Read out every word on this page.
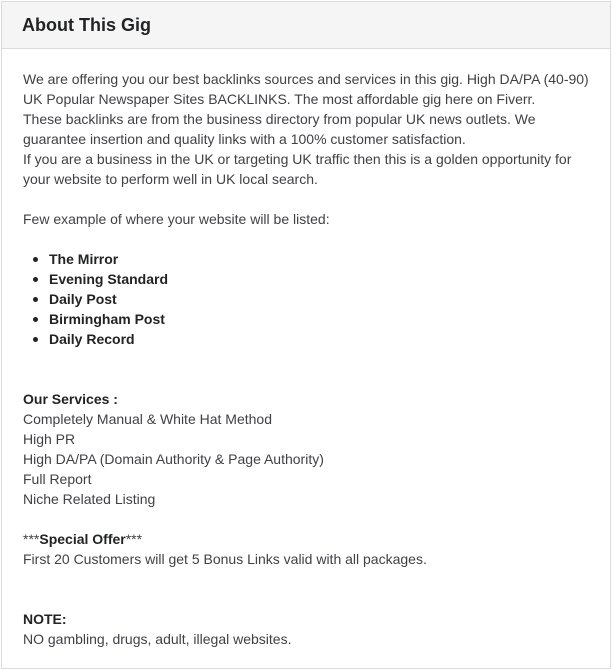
About This Gig

We are offering you our best backlinks sources and services in this gig. High DA/PA (40-90)

UK Popular Newspaper Sites BACKLINKS. The most affordable gig here on Fiverr.

These backlinks are from the business directory from popular UK news outlets. We

guarantee insertion and quality links with a 100% customer satisfaction.

If you are a business in the UK or targeting UK traffic then this is a golden opportunity for

your website to perform well in UK local search.

Few example of where your website will be listed:

The Mirror
Evening Standard
Daily Post
Birmingham Post
Daily Record

Our Services :

Completely Manual & White Hat Method

High PR

High DA/PA (Domain Authority & Page Authority)

Full Report

Niche Related Listing

***Special Offer***

First 20 Customers will get 5 Bonus Links valid with all packages.

NOTE:

NO gambling, drugs, adult, illegal websites.
